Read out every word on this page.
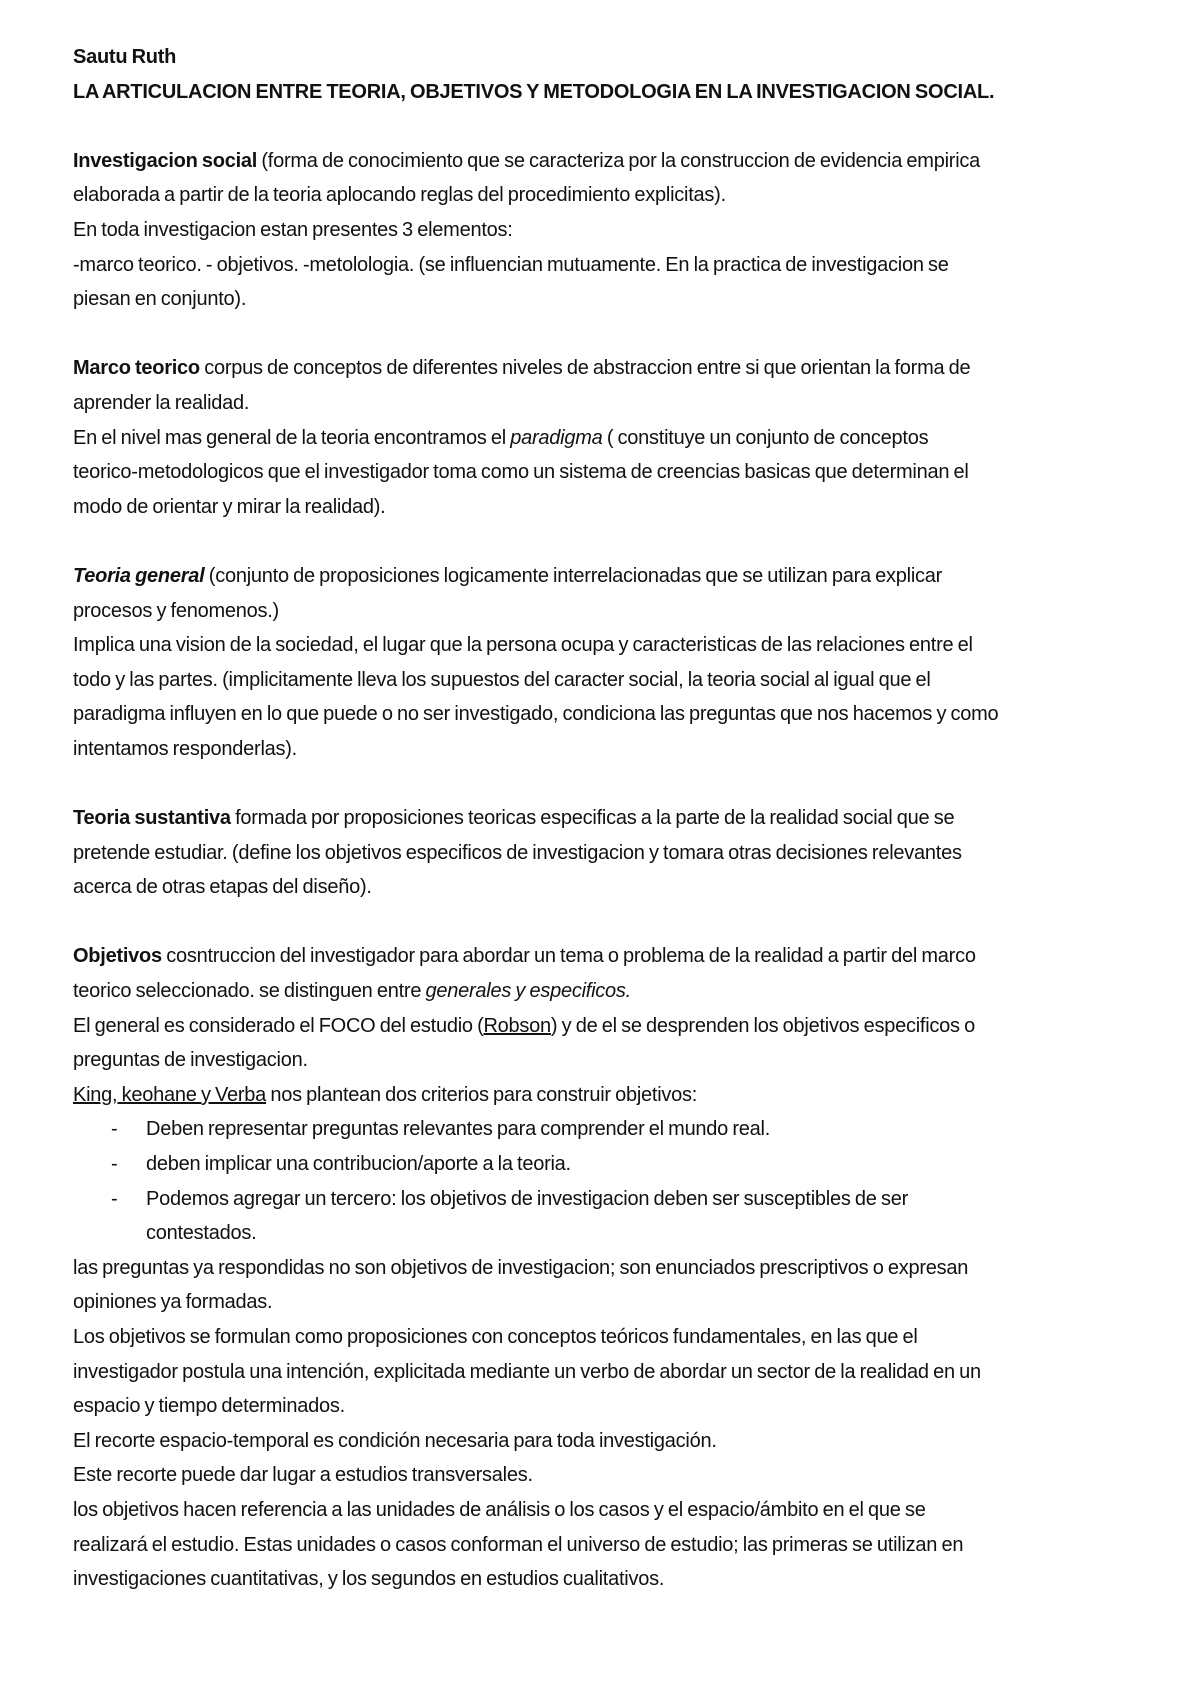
Sautu Ruth
LA ARTICULACION ENTRE TEORIA, OBJETIVOS Y METODOLOGIA EN LA INVESTIGACION SOCIAL.
Investigacion social (forma de conocimiento que se caracteriza por la construccion de evidencia empirica
elaborada a partir de la teoria aplocando reglas del procedimiento explicitas).
En toda investigacion estan presentes 3 elementos:
-marco teorico. - objetivos. -metolologia. (se influencian mutuamente. En la practica de investigacion se
piesan en conjunto).
Marco teorico corpus de conceptos de diferentes niveles de abstraccion entre si que orientan la forma de
aprender la realidad.
En el nivel mas general de la teoria encontramos el paradigma ( constituye un conjunto de conceptos
teorico-metodologicos que el investigador toma como un sistema de creencias basicas que determinan el
modo de orientar y mirar la realidad).
Teoria general (conjunto de proposiciones logicamente interrelacionadas que se utilizan para explicar
procesos y fenomenos.)
Implica una vision de la sociedad, el lugar que la persona ocupa y caracteristicas de las relaciones entre el
todo y las partes. (implicitamente lleva los supuestos del caracter social, la teoria social al igual que el
paradigma influyen en lo que puede o no ser investigado, condiciona las preguntas que nos hacemos y como
intentamos responderlas).
Teoria sustantiva formada por proposiciones teoricas especificas a la parte de la realidad social que se
pretende estudiar. (define los objetivos especificos de investigacion y tomara otras decisiones relevantes
acerca de otras etapas del diseño).
Objetivos cosntruccion del investigador para abordar un tema o problema de la realidad a partir del marco
teorico seleccionado. se distinguen entre generales y especificos.
El general es considerado el FOCO del estudio (Robson) y de el se desprenden los objetivos especificos o
preguntas de investigacion.
King, keohane y Verba nos plantean dos criterios para construir objetivos:
- Deben representar preguntas relevantes para comprender el mundo real.
- deben implicar una contribucion/aporte a la teoria.
- Podemos agregar un tercero: los objetivos de investigacion deben ser susceptibles de ser
contestados.
las preguntas ya respondidas no son objetivos de investigacion; son enunciados prescriptivos o expresan
opiniones ya formadas.
Los objetivos se formulan como proposiciones con conceptos teóricos fundamentales, en las que el
investigador postula una intención, explicitada mediante un verbo de abordar un sector de la realidad en un
espacio y tiempo determinados.
El recorte espacio-temporal es condición necesaria para toda investigación.
Este recorte puede dar lugar a estudios transversales.
los objetivos hacen referencia a las unidades de análisis o los casos y el espacio/ámbito en el que se
realizará el estudio. Estas unidades o casos conforman el universo de estudio; las primeras se utilizan en
investigaciones cuantitativas, y los segundos en estudios cualitativos.
